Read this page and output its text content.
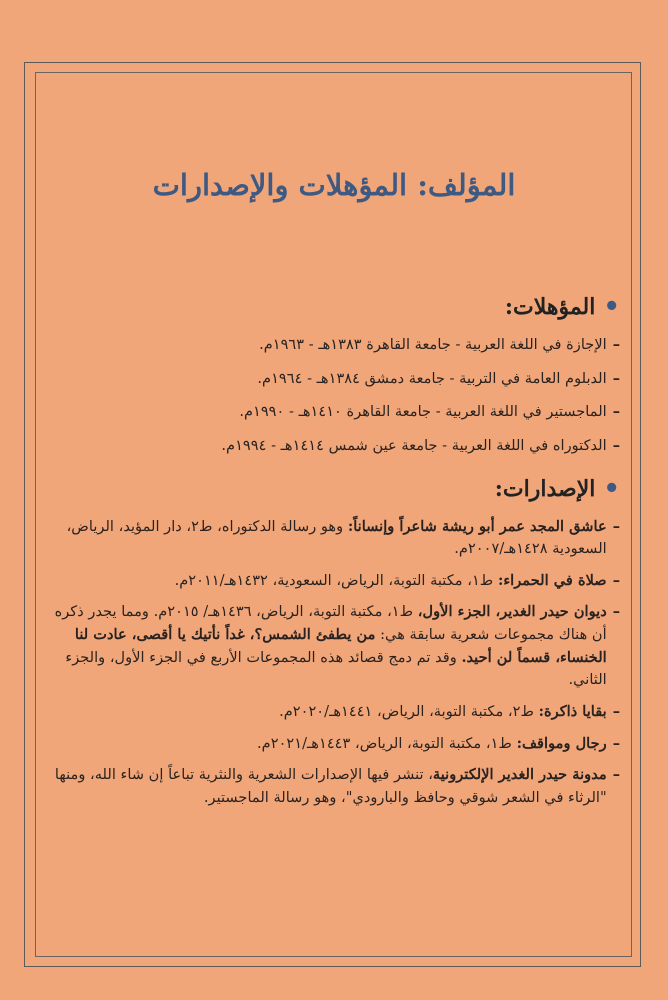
المؤلف: المؤهلات والإصدارات
•
المؤهلات:
–
الإجازة في اللغة العربية - جامعة القاهرة ١٣٨٣هـ - ١٩٦٣م.
–
الدبلوم العامة في التربية - جامعة دمشق ١٣٨٤هـ - ١٩٦٤م.
–
الماجستير في اللغة العربية - جامعة القاهرة ١٤١٠هـ - ١٩٩٠م.
–
الدكتوراه في اللغة العربية - جامعة عين شمس ١٤١٤هـ - ١٩٩٤م.
•
الإصدارات:
–
عاشق المجد عمر أبو ريشة شاعراً وإنساناً: وهو رسالة الدكتوراه، ط٢، دار المؤيد، الرياض، السعودية ١٤٢٨هـ/٢٠٠٧م.
–
صلاة في الحمراء: ط١، مكتبة التوبة، الرياض، السعودية، ١٤٣٢هـ/٢٠١١م.
–
ديوان حيدر الغدير، الجزء الأول، ط١، مكتبة التوبة، الرياض، ١٤٣٦هـ/ ٢٠١٥م. ومما يجدر ذكره أن هناك مجموعات شعرية سابقة هي: من يطفئ الشمس؟، غداً نأتيك يا أقصى، عادت لنا الخنساء، قسماً لن أحيد. وقد تم دمج قصائد هذه المجموعات الأربع في الجزء الأول، والجزء الثاني.
–
بقايا ذاكرة: ط٢، مكتبة التوبة، الرياض، ١٤٤١هـ/٢٠٢٠م.
–
رجال ومواقف: ط١، مكتبة التوبة، الرياض، ١٤٤٣هـ/٢٠٢١م.
–
مدونة حيدر الغدير الإلكترونية، تنشر فيها الإصدارات الشعرية والنثرية تباعاً إن شاء الله، ومنها "الرثاء في الشعر شوقي وحافظ والبارودي"، وهو رسالة الماجستير.
